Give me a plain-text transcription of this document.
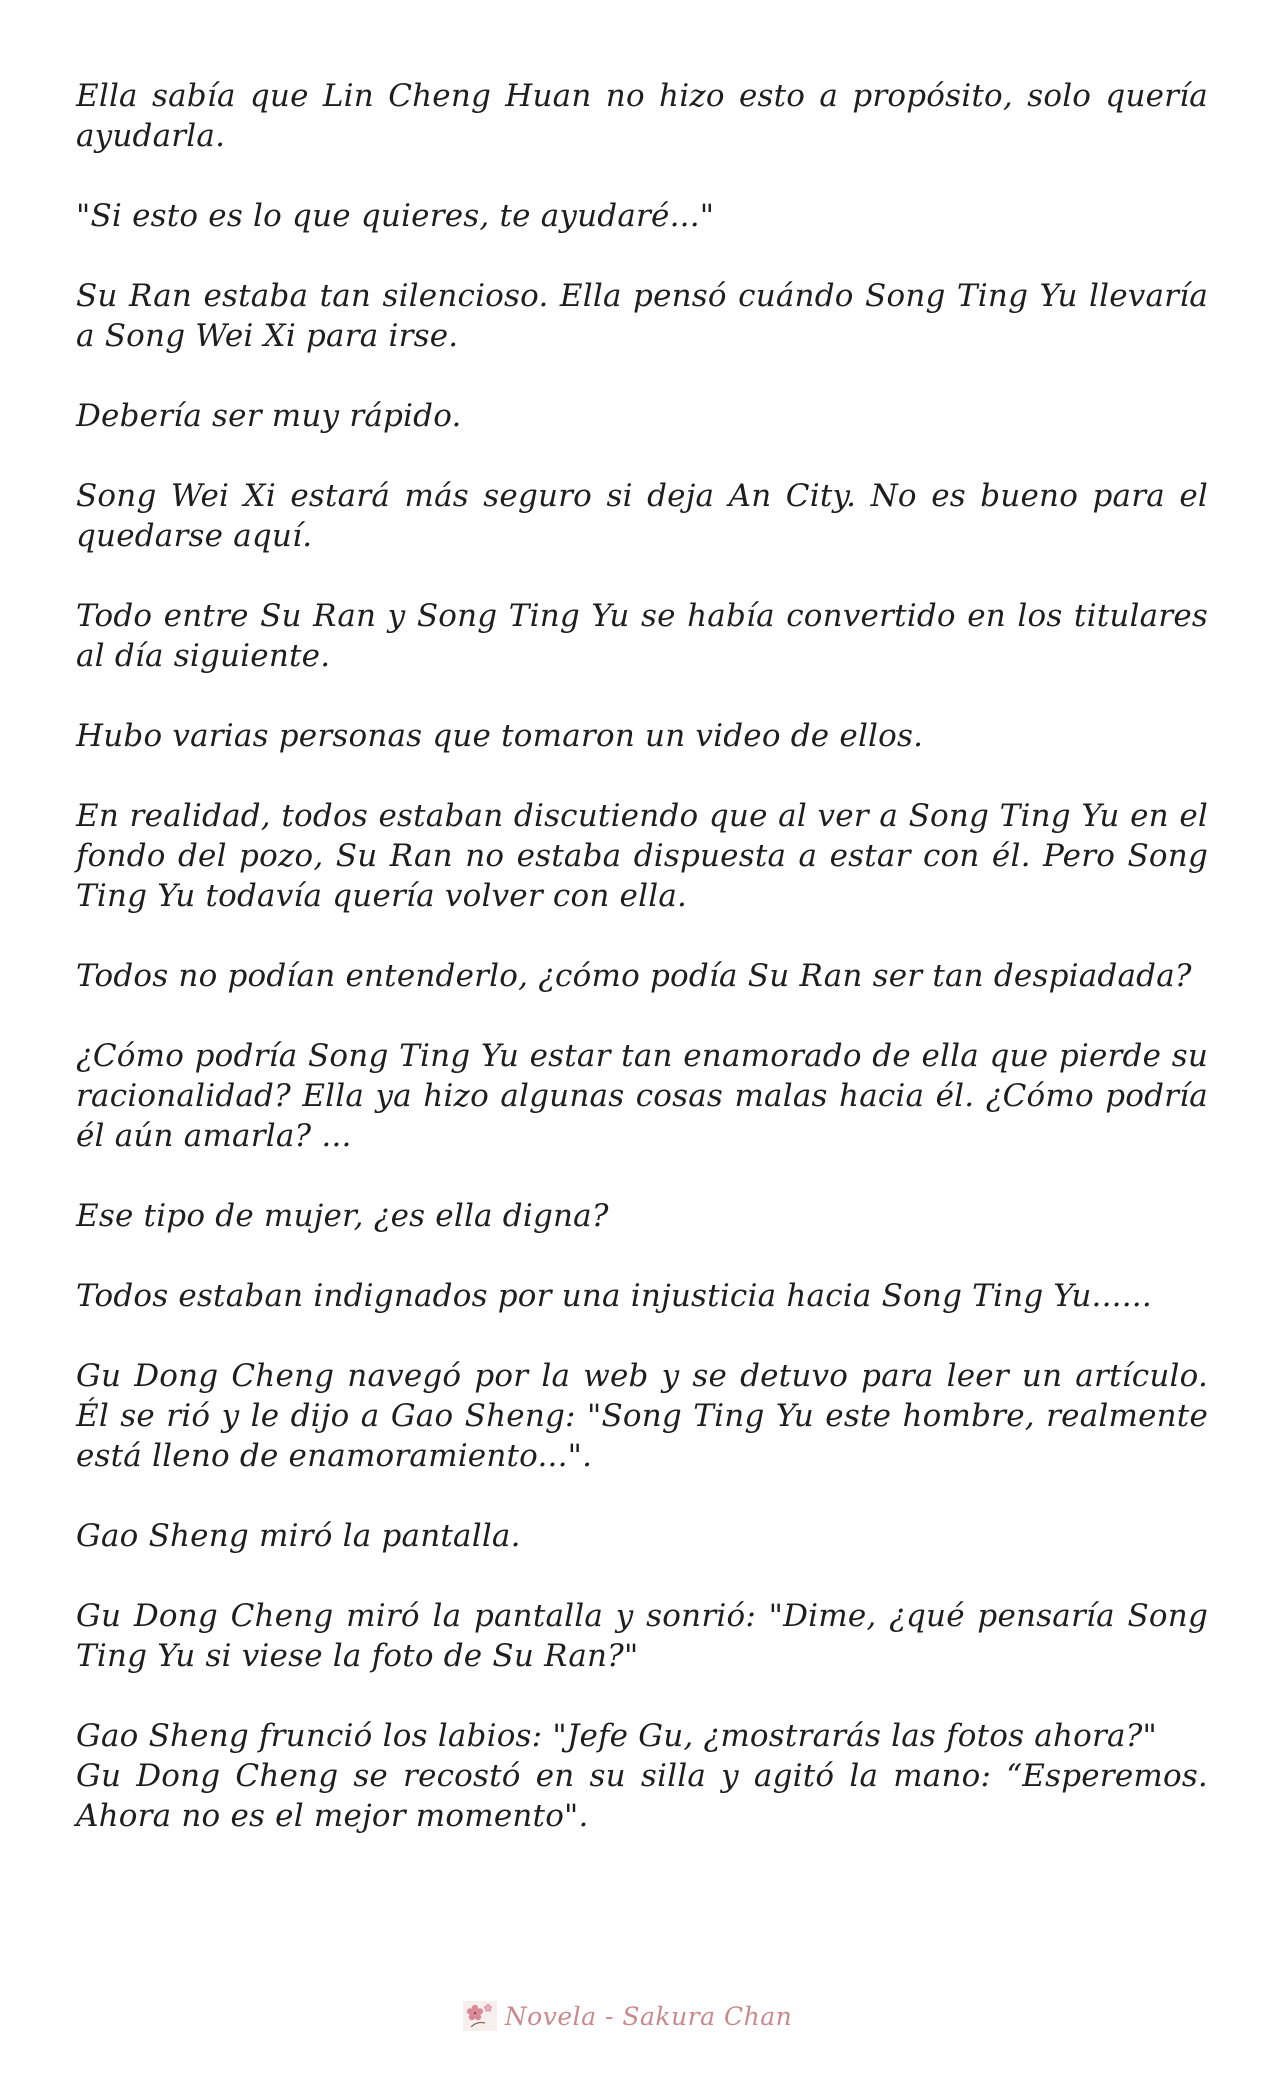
Ella sabía que Lin Cheng Huan no hizo esto a propósito, solo quería ayudarla.

"Si esto es lo que quieres, te ayudaré..."

Su Ran estaba tan silencioso. Ella pensó cuándo Song Ting Yu llevaría a Song Wei Xi para irse.

Debería ser muy rápido.

Song Wei Xi estará más seguro si deja An City. No es bueno para el quedarse aquí.

Todo entre Su Ran y Song Ting Yu se había convertido en los titulares al día siguiente.

Hubo varias personas que tomaron un video de ellos.

En realidad, todos estaban discutiendo que al ver a Song Ting Yu en el fondo del pozo, Su Ran no estaba dispuesta a estar con él. Pero Song Ting Yu todavía quería volver con ella.

Todos no podían entenderlo, ¿cómo podía Su Ran ser tan despiadada?

¿Cómo podría Song Ting Yu estar tan enamorado de ella que pierde su racionalidad? Ella ya hizo algunas cosas malas hacia él. ¿Cómo podría él aún amarla? ...

Ese tipo de mujer, ¿es ella digna?

Todos estaban indignados por una injusticia hacia Song Ting Yu......

Gu Dong Cheng navegó por la web y se detuvo para leer un artículo. Él se rió y le dijo a Gao Sheng: "Song Ting Yu este hombre, realmente está lleno de enamoramiento...".

Gao Sheng miró la pantalla.

Gu Dong Cheng miró la pantalla y sonrió: "Dime, ¿qué pensaría Song Ting Yu si viese la foto de Su Ran?"

Gao Sheng frunció los labios: "Jefe Gu, ¿mostrarás las fotos ahora?"

Gu Dong Cheng se recostó en su silla y agitó la mano: “Esperemos. Ahora no es el mejor momento".

Novela - Sakura Chan
